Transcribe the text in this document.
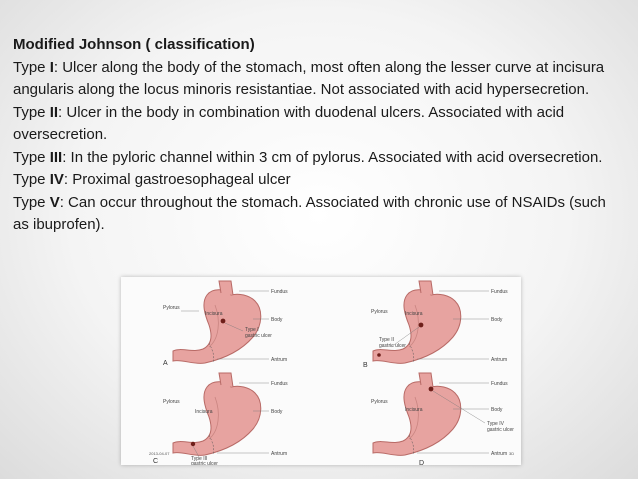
Modified Johnson ( classification)

Type I: Ulcer along the body of the stomach, most often along the lesser curve at incisura angularis along the locus minoris resistantiae. Not associated with acid hypersecretion.

Type II: Ulcer in the body in combination with duodenal ulcers. Associated with acid oversecretion.

Type III: In the pyloric channel within 3 cm of pylorus. Associated with acid oversecretion.

Type IV: Proximal gastroesophageal ulcer

Type V: Can occur throughout the stomach. Associated with chronic use of NSAIDs (such as ibuprofen).

Fundus
Body
Pylorus
Incisura
Type I
gastric ulcer
Antrum
A
Fundus
Body
Pylorus	Incisura
Type II
gastric ulcer
Antrum
B
Fundus
Body
Pylorus
Incisura
Type III
gastric ulcer
Antrum
2013-04-07
C
Fundus
Body
Pylorus
Incisura
Type IV
gastric ulcer
Antrum
D
3D
